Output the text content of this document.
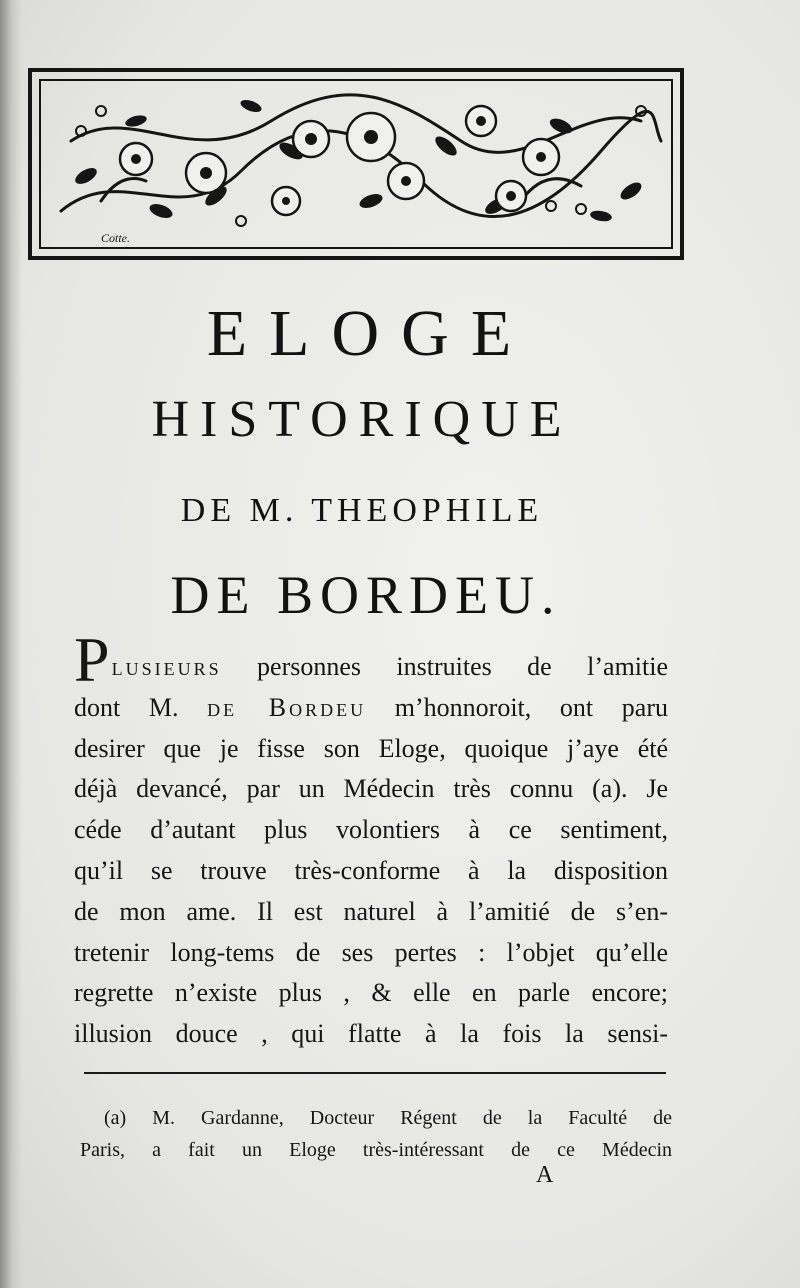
Cotte.
ELOGE
HISTORIQUE
DE M. THEOPHILE
DE BORDEU.
Plusieurs personnes instruites de l’amitie
dont M. de Bordeu m’honnoroit, ont paru
desirer que je fisse son Eloge, quoique j’aye été
déjà devancé, par un Médecin très connu (a). Je
céde d’autant plus volontiers à ce sentiment,
qu’il se trouve très-conforme à la disposition
de mon ame. Il est naturel à l’amitié de s’en-
tretenir long-tems de ses pertes : l’objet qu’elle
regrette n’existe plus , & elle en parle encore;
illusion douce , qui flatte à la fois la sensi-
(a) M. Gardanne, Docteur Régent de la Faculté de
Paris, a fait un Eloge très-intéressant de ce Médecin
A
